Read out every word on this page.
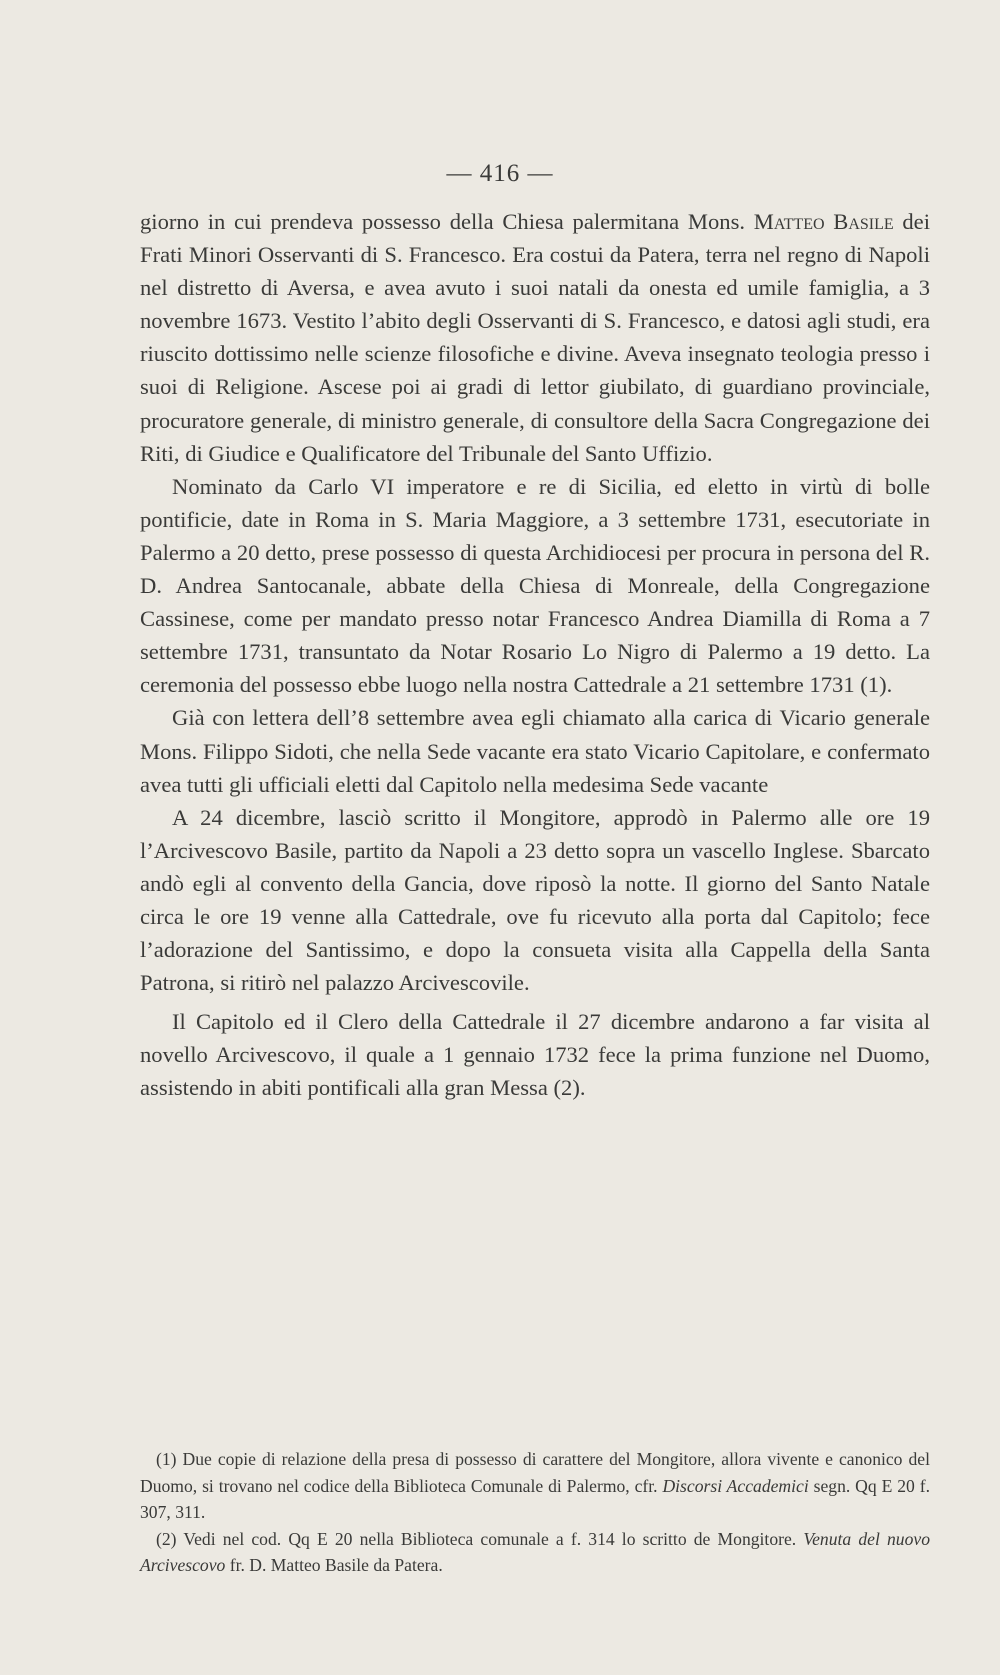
— 416 —

giorno in cui prendeva possesso della Chiesa palermitana Mons. Matteo Basile dei Frati Minori Osservanti di S. Francesco. Era costui da Patera, terra nel regno di Napoli nel distretto di Aversa, e avea avuto i suoi natali da onesta ed umile famiglia, a 3 novembre 1673. Vestito l’abito degli Osservanti di S. Francesco, e datosi agli studi, era riuscito dottissimo nelle scienze filosofiche e divine. Aveva insegnato teologia presso i suoi di Religione. Ascese poi ai gradi di lettor giubilato, di guardiano provinciale, procuratore generale, di ministro generale, di consultore della Sacra Congregazione dei Riti, di Giudice e Qualificatore del Tribunale del Santo Uffizio.

Nominato da Carlo VI imperatore e re di Sicilia, ed eletto in virtù di bolle pontificie, date in Roma in S. Maria Maggiore, a 3 settembre 1731, esecutoriate in Palermo a 20 detto, prese possesso di questa Archidiocesi per procura in persona del R. D. Andrea Santocanale, abbate della Chiesa di Monreale, della Congregazione Cassinese, come per mandato presso notar Francesco Andrea Diamilla di Roma a 7 settembre 1731, transuntato da Notar Rosario Lo Nigro di Palermo a 19 detto. La ceremonia del possesso ebbe luogo nella nostra Cattedrale a 21 settembre 1731 (1).

Già con lettera dell’8 settembre avea egli chiamato alla carica di Vicario generale Mons. Filippo Sidoti, che nella Sede vacante era stato Vicario Capitolare, e confermato avea tutti gli ufficiali eletti dal Capitolo nella medesima Sede vacante

A 24 dicembre, lasciò scritto il Mongitore, approdò in Palermo alle ore 19 l’Arcivescovo Basile, partito da Napoli a 23 detto sopra un vascello Inglese. Sbarcato andò egli al convento della Gancia, dove riposò la notte. Il giorno del Santo Natale circa le ore 19 venne alla Cattedrale, ove fu ricevuto alla porta dal Capitolo; fece l’adorazione del Santissimo, e dopo la consueta visita alla Cappella della Santa Patrona, si ritirò nel palazzo Arcivescovile.

Il Capitolo ed il Clero della Cattedrale il 27 dicembre andarono a far visita al novello Arcivescovo, il quale a 1 gennaio 1732 fece la prima funzione nel Duomo, assistendo in abiti pontificali alla gran Messa (2).

(1) Due copie di relazione della presa di possesso di carattere del Mongitore, allora vivente e canonico del Duomo, si trovano nel codice della Biblioteca Comunale di Palermo, cfr. Discorsi Accademici segn. Qq E 20 f. 307, 311.

(2) Vedi nel cod. Qq E 20 nella Biblioteca comunale a f. 314 lo scritto de Mongitore. Venuta del nuovo Arcivescovo fr. D. Matteo Basile da Patera.
